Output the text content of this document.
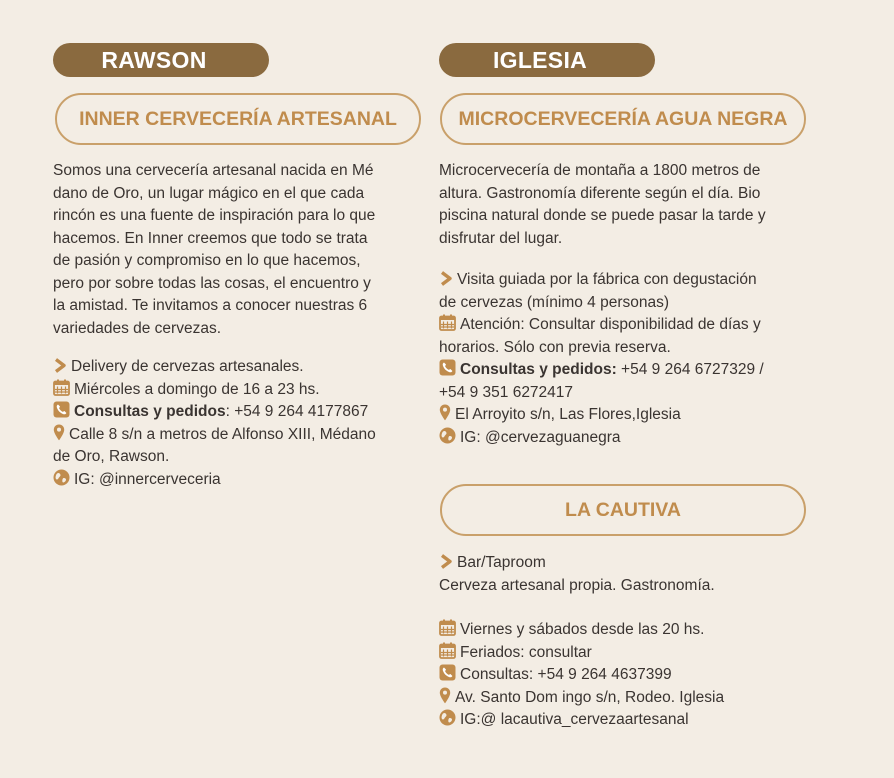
RAWSON
INNER CERVECERÍA ARTESANAL
Somos una cervecería artesanal nacida en Mé
dano de Oro, un lugar mágico en el que cada
rincón es una fuente de inspiración para lo que
hacemos. En Inner creemos que todo se trata
de pasión y compromiso en lo que hacemos,
pero por sobre todas las cosas, el encuentro y
la amistad. Te invitamos a conocer nuestras 6
variedades de cervezas.
Delivery de cervezas artesanales.
Miércoles a domingo de 16 a 23 hs.
Consultas y pedidos: +54 9 264 4177867
Calle 8 s/n a metros de Alfonso XIII, Médano
de Oro, Rawson.
IG: @innercerveceria
IGLESIA
MICROCERVECERÍA AGUA NEGRA
Microcervecería de montaña a 1800 metros de
altura. Gastronomía diferente según el día. Bio
piscina natural donde se puede pasar la tarde y
disfrutar del lugar.
Visita guiada por la fábrica con degustación
de cervezas (mínimo 4 personas)
Atención: Consultar disponibilidad de días y
horarios. Sólo con previa reserva.
Consultas y pedidos: +54 9 264 6727329 /
+54 9 351 6272417
El Arroyito s/n, Las Flores,Iglesia
IG: @cervezaguanegra
LA CAUTIVA
Bar/Taproom
Cerveza artesanal propia. Gastronomía.
Viernes y sábados desde las 20 hs.
Feriados: consultar
Consultas: +54 9 264 4637399
Av. Santo Dom ingo s/n, Rodeo. Iglesia
IG:@ lacautiva_cervezaartesanal
